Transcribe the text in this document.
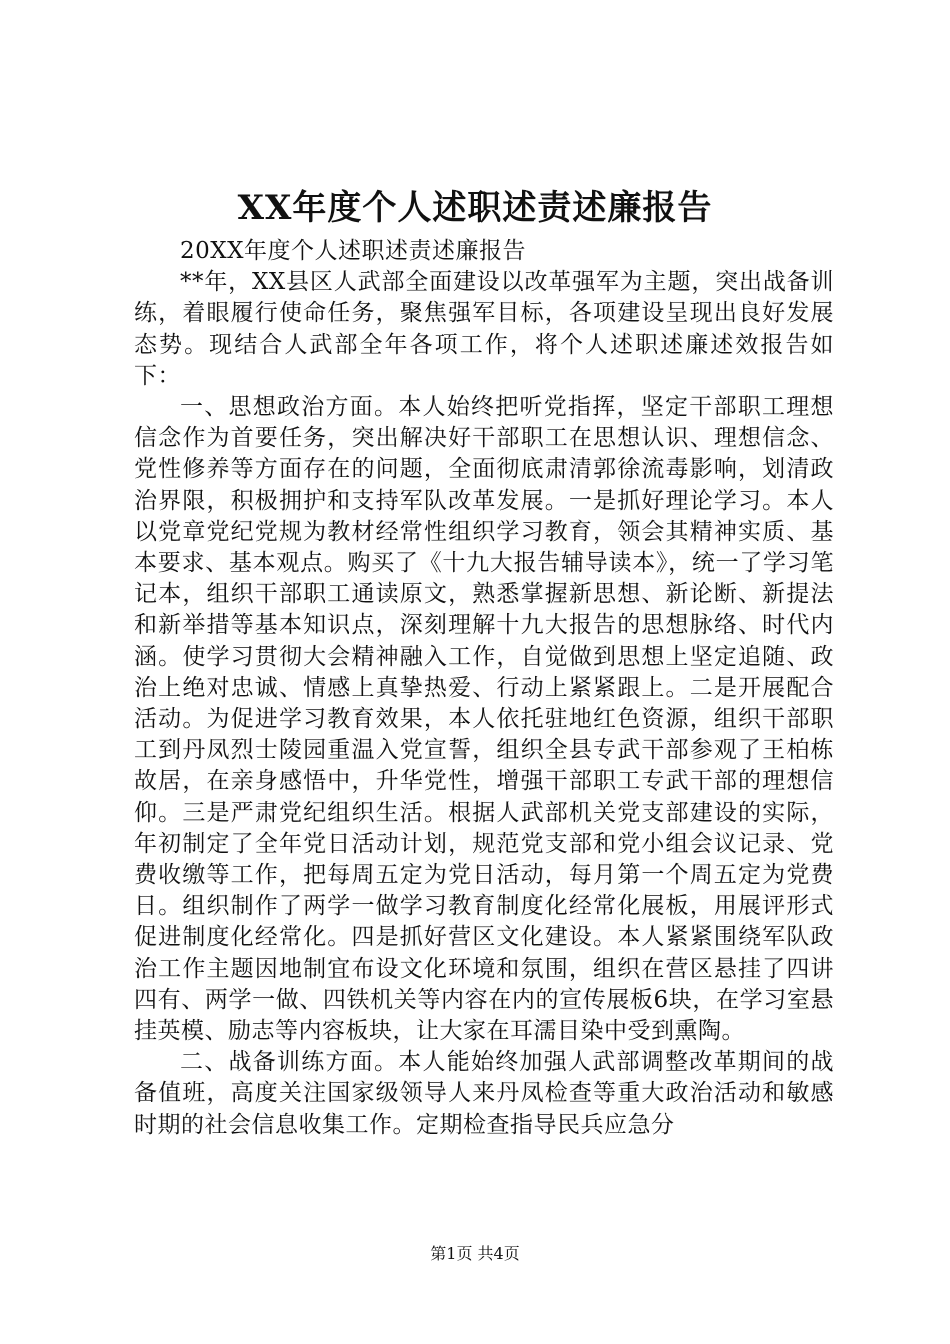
XX年度个人述职述责述廉报告

20XX年度个人述职述责述廉报告

**年，XX县区人武部全面建设以改革强军为主题，突出战备训练，着眼履行使命任务，聚焦强军目标，各项建设呈现出良好发展态势。现结合人武部全年各项工作，将个人述职述廉述效报告如下：

一、思想政治方面。本人始终把听党指挥，坚定干部职工理想信念作为首要任务，突出解决好干部职工在思想认识、理想信念、党性修养等方面存在的问题，全面彻底肃清郭徐流毒影响，划清政治界限，积极拥护和支持军队改革发展。一是抓好理论学习。本人以党章党纪党规为教材经常性组织学习教育，领会其精神实质、基本要求、基本观点。购买了《十九大报告辅导读本》，统一了学习笔记本，组织干部职工通读原文，熟悉掌握新思想、新论断、新提法和新举措等基本知识点，深刻理解十九大报告的思想脉络、时代内涵。使学习贯彻大会精神融入工作，自觉做到思想上坚定追随、政治上绝对忠诚、情感上真挚热爱、行动上紧紧跟上。二是开展配合活动。为促进学习教育效果，本人依托驻地红色资源，组织干部职工到丹凤烈士陵园重温入党宣誓，组织全县专武干部参观了王柏栋故居，在亲身感悟中，升华党性，增强干部职工专武干部的理想信仰。三是严肃党纪组织生活。根据人武部机关党支部建设的实际，年初制定了全年党日活动计划，规范党支部和党小组会议记录、党费收缴等工作，把每周五定为党日活动，每月第一个周五定为党费日。组织制作了两学一做学习教育制度化经常化展板，用展评形式促进制度化经常化。四是抓好营区文化建设。本人紧紧围绕军队政治工作主题因地制宜布设文化环境和氛围，组织在营区悬挂了四讲四有、两学一做、四铁机关等内容在内的宣传展板6块，在学习室悬挂英模、励志等内容板块，让大家在耳濡目染中受到熏陶。

二、战备训练方面。本人能始终加强人武部调整改革期间的战备值班，高度关注国家级领导人来丹凤检查等重大政治活动和敏感时期的社会信息收集工作。定期检查指导民兵应急分

第1页 共4页
